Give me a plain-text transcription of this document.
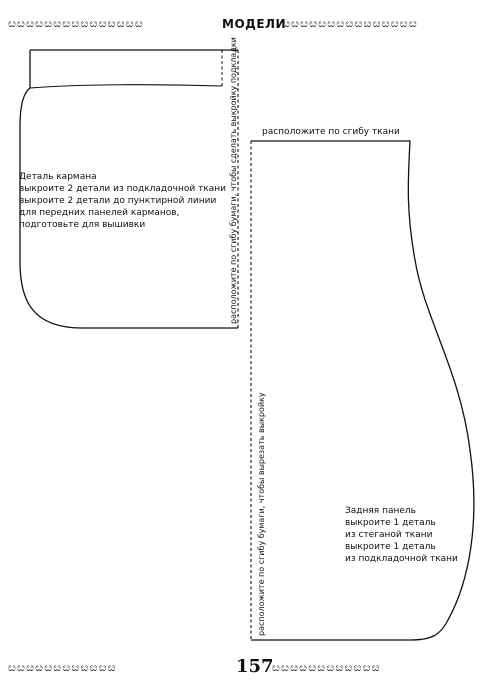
ೞೞೞೞೞೞೞೞೞೞೞೞೞೞೞ	МОДЕЛИ
ೞೞೞೞೞೞೞೞೞೞೞೞೞೞೞ
Деталь кармана
выкроите 2 детали из подкладочной ткани
выкроите 2 детали до пунктирной линии
для передних панелей карманов,
подготовьте для вышивки	расположите по сгибу бумаги, чтобы сделать выкройку подкладки	расположите по сгибу ткани
расположите по сгибу бумаги, чтобы вырезать выкройку	Задняя панель
выкроите 1 деталь
из стеганой ткани
выкроите 1 деталь
из подкладочной ткани
ೞೞೞೞೞೞೞೞೞೞೞೞ	157
ೞೞೞೞೞೞೞೞೞೞೞೞ
